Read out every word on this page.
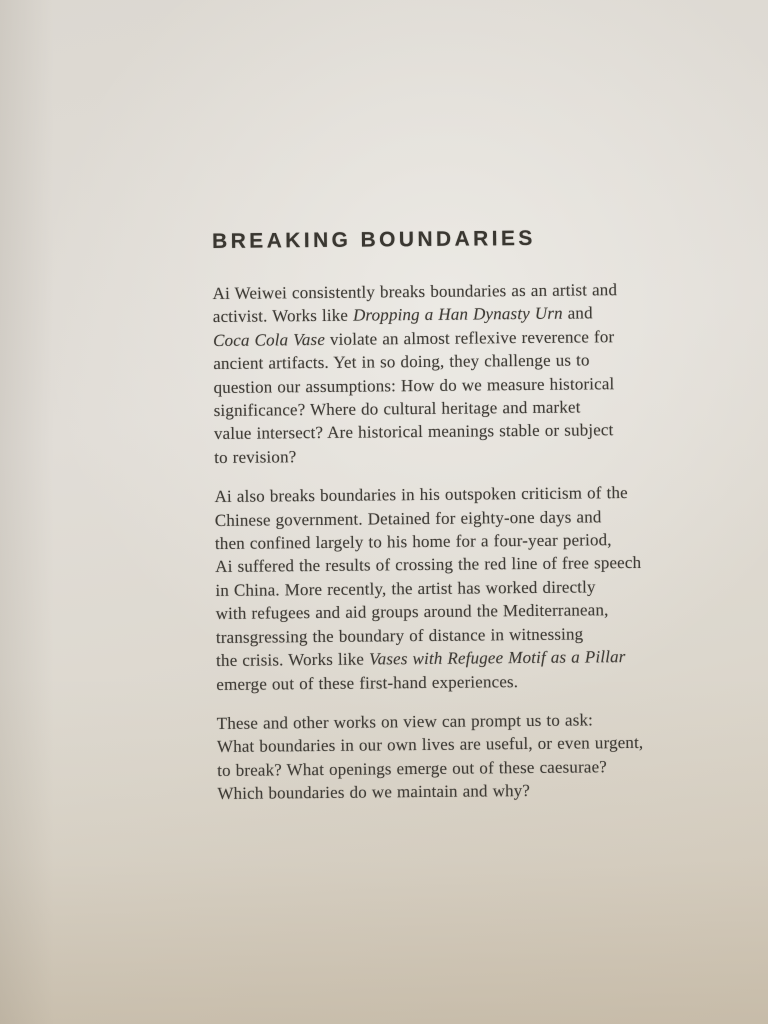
BREAKING BOUNDARIES

Ai Weiwei consistently breaks boundaries as an artist and
activist. Works like Dropping a Han Dynasty Urn and
Coca Cola Vase violate an almost reflexive reverence for
ancient artifacts. Yet in so doing, they challenge us to
question our assumptions: How do we measure historical
significance? Where do cultural heritage and market
value intersect? Are historical meanings stable or subject
to revision?

Ai also breaks boundaries in his outspoken criticism of the
Chinese government. Detained for eighty-one days and
then confined largely to his home for a four-year period,
Ai suffered the results of crossing the red line of free speech
in China. More recently, the artist has worked directly
with refugees and aid groups around the Mediterranean,
transgressing the boundary of distance in witnessing
the crisis. Works like Vases with Refugee Motif as a Pillar
emerge out of these first-hand experiences.

These and other works on view can prompt us to ask:
What boundaries in our own lives are useful, or even urgent,
to break? What openings emerge out of these caesurae?
Which boundaries do we maintain and why?
